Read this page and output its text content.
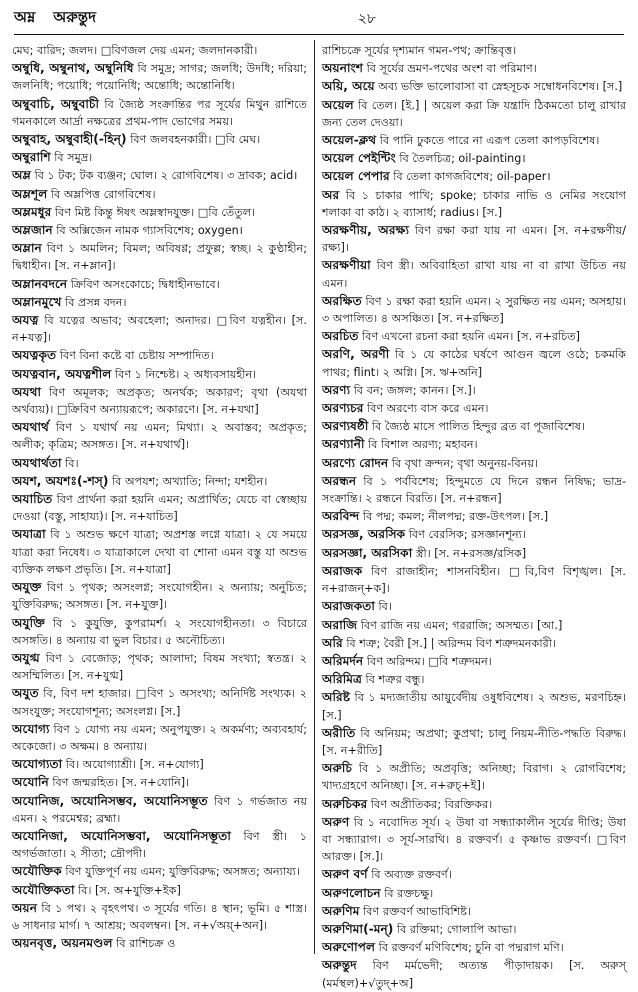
অম্ন অরুন্তুদ	২৮

মেঘ; বারিদ; জলদ। □বিণজল দেয় এমন; জলদানকারী।

অম্বুধি, অম্বুনাথ, অম্বুনিধি বি সমুদ্র; সাগর; জলধি; উদধি; দরিয়া; জলনিধি; পয়োধি; পয়োনিধি; অন্তোধি; অন্তোনিধি।

অম্বুবাচি, অম্বুবাচী বি জ্যৈষ্ঠ সংক্রান্তির পর সূর্যের মিথুন রাশিতে গমনকালে আর্দ্রা নক্ষত্রের প্রথম-পাদ ভোগের সময়।

অম্বুবাহ, অম্বুবাহী(-হিন্) বিণ জলবহনকারী। □বি মেঘ।

অম্বুরাশি বি সমুদ্র।

অম্ল বি ১ টক; টক ব্যঞ্জন; ঘোল। ২ রোগবিশেষ। ৩ দ্রাবক; acid।

অম্লশূল বি অম্লপিত্ত রোগবিশেষ।

অম্লমধুর বিণ মিষ্ট কিন্তু ঈষৎ অম্লস্বাদযুক্ত। □বি তেঁতুল।

অম্লজান বি অক্সিজেন নামক গ্যাসবিশেষ; oxygen।

অম্লান বিণ ১ অমলিন; বিমল; অবিষণ্ণ; প্রফুল্ল; স্বচ্ছ। ২ কুণ্ঠাহীন; দ্বিধাহীন। [স. ন+ম্লান]।

অম্লানবদনে ক্রিবিণ অসংকোচে; দ্বিধাহীনভাবে।

অম্লানমুখে বি প্রসন্ন বদন।

অযত্ন বি যত্নের অভাব; অবহেলা; অনাদর। □বিণ যত্নহীন। [স. ন+যত্ন]।

অযত্নকৃত বিণ বিনা কষ্টে বা চেষ্টায় সম্পাদিত।

অযত্নবান, অযত্নশীল বিণ ১ নিশ্চেষ্ট। ২ অধ্যবসায়হীন।

অযথা বিণ অমূলক; অপ্রকৃত; অনর্থক; অকারণ; বৃথা (অযথা অর্থব্যয়)। □ক্রিবিণ অন্যায়রূপে; অকারণে। [স. ন+যথা]

অযথার্থ বিণ ১ যথার্থ নয় এমন; মিথ্যা। ২ অবাস্তব; অপ্রকৃত; অলীক; কৃত্রিম; অসঙ্গত। [স. ন+যথার্থ]।

অযথার্থতা বি।

অযশ, অযশঃ(-শস্) বি অপযশ; অখ্যাতি; নিন্দা; যশহীন।

অযাচিত বিণ প্রার্থনা করা হয়নি এমন; অপ্রার্থিত; যেচে বা স্বেচ্ছায় দেওয়া (বস্তু, সাহায্য)। [স. ন+যাচিত]

অযাত্রা বি ১ অশুভ ক্ষণে যাত্রা; অপ্রশস্ত লগ্নে যাত্রা। ২ যে সময়ে যাত্রা করা নিষেধ। ৩ যাত্রাকালে দেখা বা শোনা এমন বস্তু যা অশুভ ব্যক্তিক লক্ষণ প্রভৃতি। [স. ন+যাত্রা]

অযুক্ত বিণ ১ পৃথক; অসংলগ্ন; সংযোগহীন। ২ অন্যায়; অনুচিত; যুক্তিবিরুদ্ধ; অসঙ্গত। [স. ন+যুক্ত]।

অযুক্তি বি ১ কুযুক্তি, কুপরামর্শ। ২ সংযোগহীনতা। ৩ বিচারে অসঙ্গতি। ৪ অন্যায় বা ভুল বিচার। ৫ অনৌচিত্য।

অযুগ্ম বিণ ১ বেজোড়; পৃথক; আলাদা; বিষম সংখ্যা; স্বতন্ত্র। ২ অসম্মিলিত। [স. ন+যুগ্ম]

অযুত বি, বিণ দশ হাজার। □বিণ ১ অসংখ্য; অনির্দিষ্ট সংখ্যক। ২ অসংযুক্ত; সংযোগশূন্য; অসংলগ্ন। [স.]

অযোগ্য বিণ ১ যোগ্য নয় এমন; অনুপযুক্ত। ২ অকর্মণ্য; অব্যবহার্য; অকেজো। ৩ অক্ষম। ৪ অন্যায়।

অযোগ্যতা বি। অযোগ্যাশ্রী। [স. ন+যোগ্য]

অযোনি বিণ জন্মরহিত। [স. ন+যোনি]।

অযোনিজ, অযোনিসম্ভব, অযোনিসম্ভূত বিণ ১ গর্ভজাত নয় এমন। ২ পরমেশ্বর; ব্রহ্মা।

অযোনিজা, অযোনিসম্ভবা, অযোনিসম্ভূতা বিণ স্ত্রী। ১ অগর্ভজাতা। ২ সীতা; দ্রৌপদী।

অযৌক্তিক বিণ যুক্তিপূর্ণ নয় এমন; যুক্তিবিরুদ্ধ; অসঙ্গত; অন্যায্য।

অযৌক্তিকতা বি। [স. অ+যুক্তি+ইক]

অয়ন বি ১ পথ। ২ বৃহৎপথ। ৩ সূর্যের গতি। ৪ স্থান; ভূমি। ৫ শাস্ত্র। ৬ সাধনার মার্গ। ৭ আশ্রয়; অবলম্বন। [স. ন+√অয়্+অন]।

অয়নবৃত্ত, অয়নমণ্ডল বি রাশিচক্র ও

রাশিচক্রে সূর্যের দৃশ্যমান গমন-পথ; ক্রান্তিবৃত্ত।

অয়নাংশ বি সূর্যের ভ্রমণ-পথের অংশ বা পরিমাণ।

অয়ি, অয়ে অব্য ভক্তি ভালোবাসা বা স্নেহসূচক সম্বোধনবিশেষ। [স.]

অয়েল বি তেল। [ই.] | অয়েল করা ক্রি যন্ত্রাদি ঠিকমতো চালু রাখার জন্য তেল দেওয়া।

অয়েল-ক্লথ বি পানি ঢুকতে পারে না এরূপ তেলা কাপড়বিশেষ।

অয়েল পেইন্টিং বি তৈলচিত্র; oil-painting।

অয়েল পেপার বি তেলা কাগজবিশেষ; oil-paper।

অর বি ১ চাকার পাখি; spoke; চাকার নাভি ও নেমির সংযোগ শলাকা বা কাঠ। ২ ব্যাসার্ধ; radius। [স.]

অরক্ষণীয়, অরক্ষ্য বিণ রক্ষা করা যায় না এমন। [স. ন+রক্ষণীয়/রক্ষ্য]।

অরক্ষণীয়া বিণ স্ত্রী। অবিবাহিতা রাখা যায় না বা রাখা উচিত নয় এমন।

অরক্ষিত বিণ ১ রক্ষা করা হয়নি এমন। ২ সুরক্ষিত নয় এমন; অসহায়। ৩ অপালিত। ৪ অসঞ্চিত। [স. ন+রক্ষিত]

অরচিত বিণ এখনো রচনা করা হয়নি এমন। [স. ন+রচিত]

অরণি, অরণী বি ১ যে কাঠের ঘর্ষণে আগুন জ্বলে ওঠে; চকমকি পাথর; flint। ২ অগ্নি। [স. ঋ+অনি]

অরণ্য বি বন; জঙ্গল; কানন। [স.]।

অরণ্যচর বিণ অরণ্যে বাস করে এমন।

অরণ্যষষ্ঠী বি জ্যৈষ্ঠ মাসে পালিত হিন্দুর ব্রত বা পূজাবিশেষ।

অরণ্যানী বি বিশাল অরণ্য; মহাবন।

অরণ্যে রোদন বি বৃথা ক্রন্দন; বৃথা অনুনয়-বিনয়।

অরন্ধন বি ১ পর্ববিশেষ; হিন্দুমতে যে দিনে রন্ধন নিষিদ্ধ; ভাদ্র-সংক্রান্তি। ২ রন্ধনে বিরতি। [স. ন+রন্ধন]

অরবিন্দ বি পদ্ম; কমল; নীলপদ্ম; রক্ত-উৎপল। [স.]

অরসজ্ঞ, অরসিক বিণ বেরসিক; রসজ্ঞানশূন্য।

অরসজ্ঞা, অরসিকা স্ত্রী। [স. ন+রসজ্ঞ/রসিক]

অরাজক বিণ রাজাহীন; শাসনবিহীন। □বি,বিণ বিশৃঙ্খল। [স. ন+রাজন্+ক]।

অরাজকতা বি।

অরাজি বিণ রাজি নয় এমন; গররাজি; অসম্মত। [আ.]

অরি বি শত্রু; বৈরী [স.] | অরিন্দম বিণ শত্রুদমনকারী।

অরিমর্দন বিণ অরিন্দম। □বি শত্রুদমন।

অরিমিত্র বি শত্রুর বন্ধু।

অরিষ্ট বি ১ মদ্যজাতীয় আয়ুর্বেদীয় ওষুধবিশেষ। ২ অশুভ, মরণচিহ্ন। [স.]

অরীতি বি অনিয়ম; অপ্রথা; কুপ্রথা; চালু নিয়ম-নীতি-পদ্ধতি বিরুদ্ধ। [স. ন+রীতি]

অরুচি বি ১ অপ্রীতি; অপ্রবৃত্তি; অনিচ্ছা; বিরাগ। ২ রোগবিশেষ; খাদ্যগ্রহণে অনিচ্ছা। [স. ন+রুচ্+ই]।

অরুচিকর বিণ অপ্রীতিকর; বিরক্তিকর।

অরুণ বি ১ নবোদিত সূর্য। ২ উষা বা সন্ধ্যাকালীন সূর্যের দীপ্তি; উষা বা সন্ধ্যারাগ। ৩ সূর্য-সারথি। ৪ রক্তবর্ণ। ৫ কৃষ্ণাভ রক্তবর্ণ। □বিণ আরক্ত। [স.]।

অরুণ বর্ণ বি অব্যক্ত রক্তবর্ণ।

অরুণলোচন বি রক্তচক্ষু।

অরুণিম বিণ রক্তবর্ণ আভাবিশিষ্ট।

অরুণিমা(-মন্) বি রক্তিমা; গোলাপি আভা।

অরুণোপল বি রক্তবর্ণ মণিবিশেষ; চুনি বা পদ্মরাগ মণি।

অরুন্তুদ বিণ মর্মভেদী; অত্যন্ত পীড়াদায়ক। [স. অরুস্ (মর্মস্থল)+√তুদ্+অ]
